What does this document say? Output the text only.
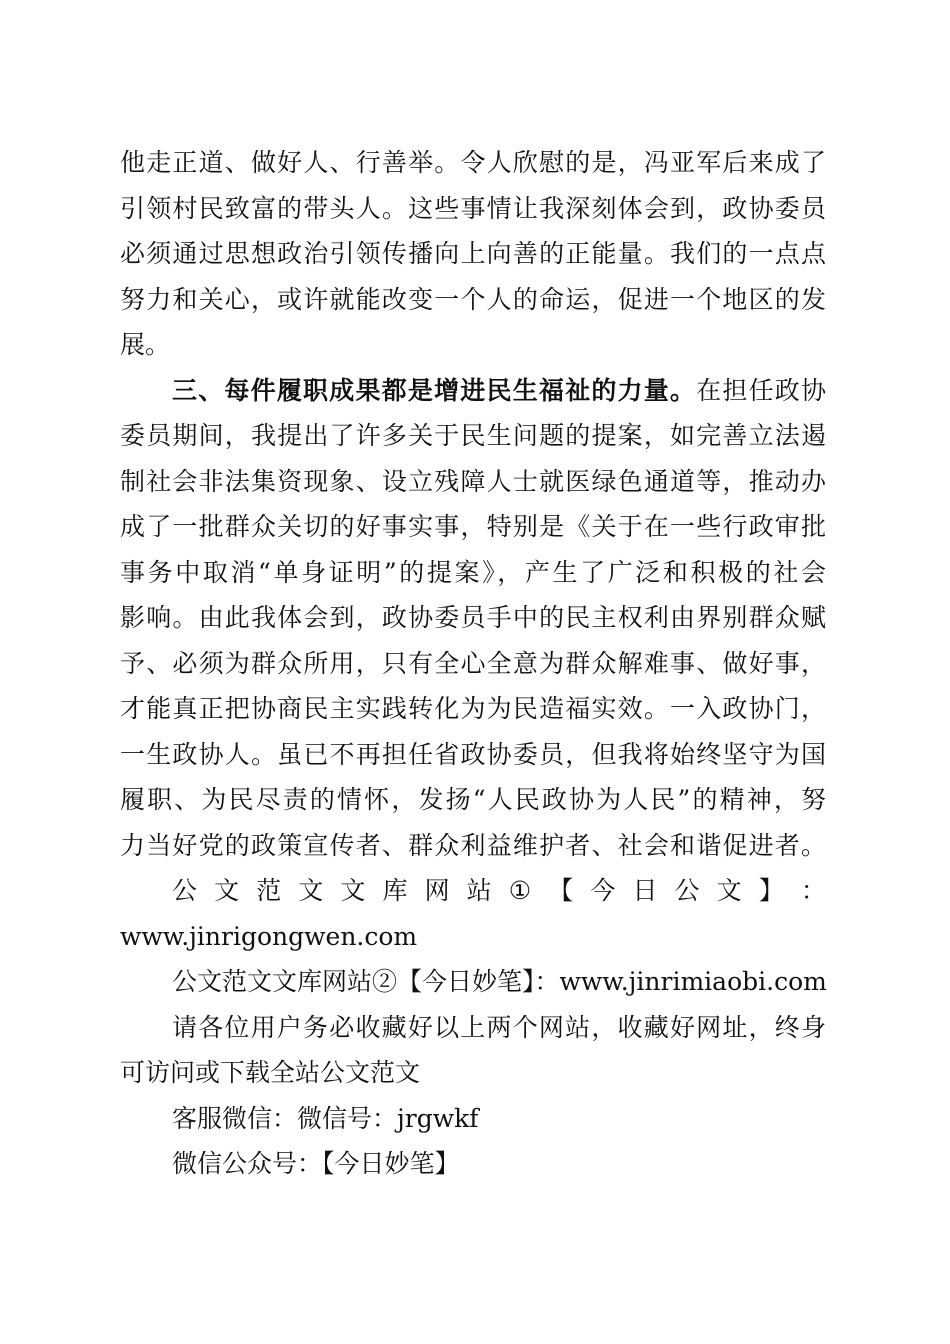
他走正道、做好人、行善举。令人欣慰的是，冯亚军后来成了
引领村民致富的带头人。这些事情让我深刻体会到，政协委员
必须通过思想政治引领传播向上向善的正能量。我们的一点点
努力和关心，或许就能改变一个人的命运，促进一个地区的发
展。
三、每件履职成果都是增进民生福祉的力量。在担任政协
委员期间，我提出了许多关于民生问题的提案，如完善立法遏
制社会非法集资现象、设立残障人士就医绿色通道等，推动办
成了一批群众关切的好事实事，特别是《关于在一些行政审批
事务中取消“单身证明”的提案》，产生了广泛和积极的社会
影响。由此我体会到，政协委员手中的民主权利由界别群众赋
予、必须为群众所用，只有全心全意为群众解难事、做好事，
才能真正把协商民主实践转化为为民造福实效。一入政协门，
一生政协人。虽已不再担任省政协委员，但我将始终坚守为国
履职、为民尽责的情怀，发扬“人民政协为人民”的精神，努
力当好党的政策宣传者、群众利益维护者、社会和谐促进者。
公 文 范 文 文 库 网 站 ① 【 今 日 公 文 】 ：
www.jinrigongwen.com
公文范文文库网站②【今日妙笔】：www.jinrimiaobi.com
请各位用户务必收藏好以上两个网站，收藏好网址，终身
可访问或下载全站公文范文
客服微信：微信号：jrgwkf
微信公众号：【今日妙笔】
